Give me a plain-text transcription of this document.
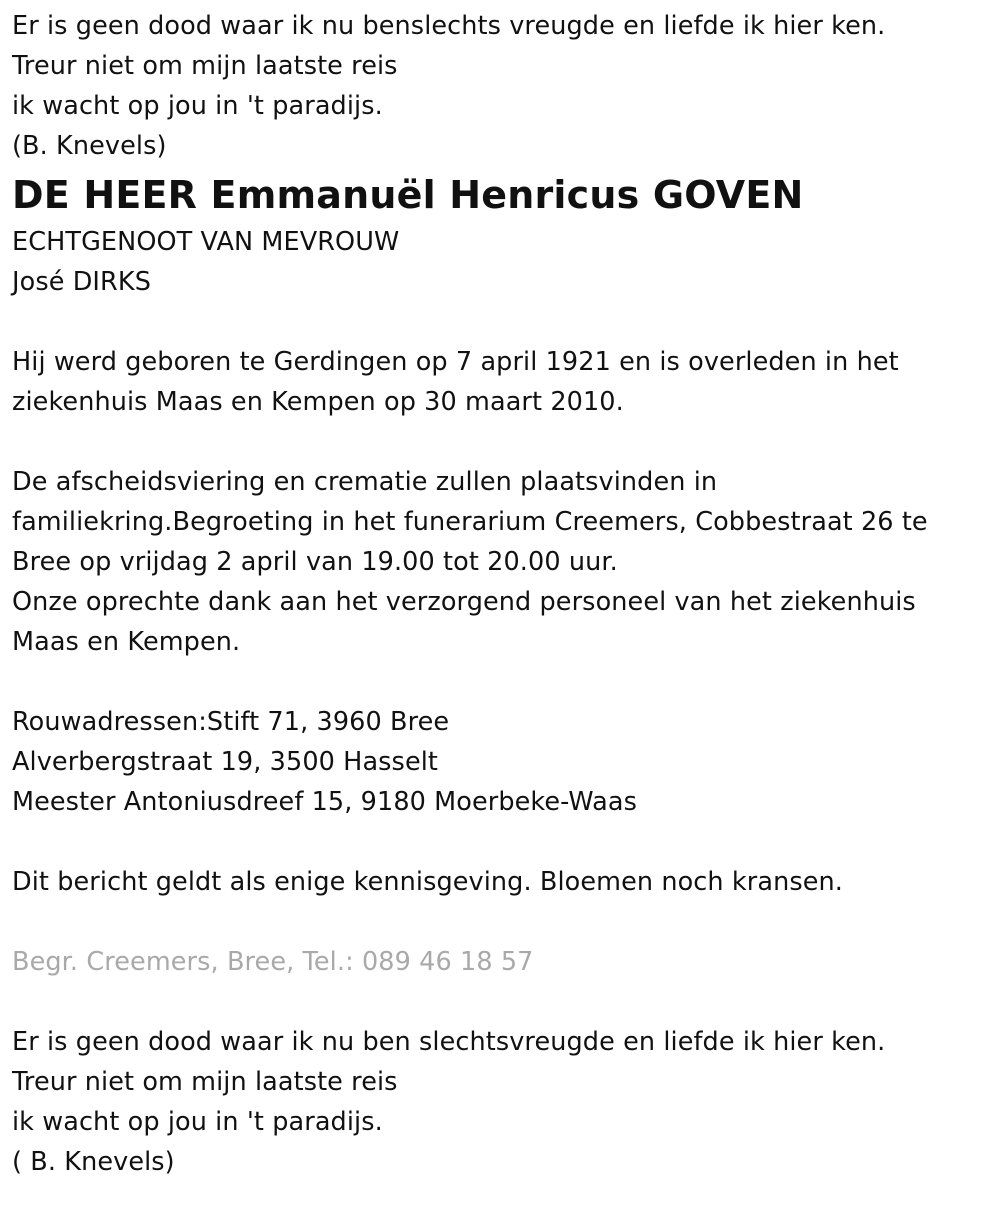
Er is geen dood waar ik nu benslechts vreugde en liefde ik hier ken.
Treur niet om mijn laatste reis
ik wacht op jou in 't paradijs.
(B. Knevels)
DE HEER Emmanuël Henricus GOVEN
ECHTGENOOT VAN MEVROUW
José DIRKS
Hij werd geboren te Gerdingen op 7 april 1921 en is overleden in het
ziekenhuis Maas en Kempen op 30 maart 2010.
De afscheidsviering en crematie zullen plaatsvinden in
familiekring.Begroeting in het funerarium Creemers, Cobbestraat 26 te
Bree op vrijdag 2 april van 19.00 tot 20.00 uur.
Onze oprechte dank aan het verzorgend personeel van het ziekenhuis
Maas en Kempen.
Rouwadressen:Stift 71, 3960 Bree
Alverbergstraat 19, 3500 Hasselt
Meester Antoniusdreef 15, 9180 Moerbeke-Waas
Dit bericht geldt als enige kennisgeving. Bloemen noch kransen.
Begr. Creemers, Bree, Tel.: 089 46 18 57
Er is geen dood waar ik nu ben slechtsvreugde en liefde ik hier ken.
Treur niet om mijn laatste reis
ik wacht op jou in 't paradijs.
( B. Knevels)
